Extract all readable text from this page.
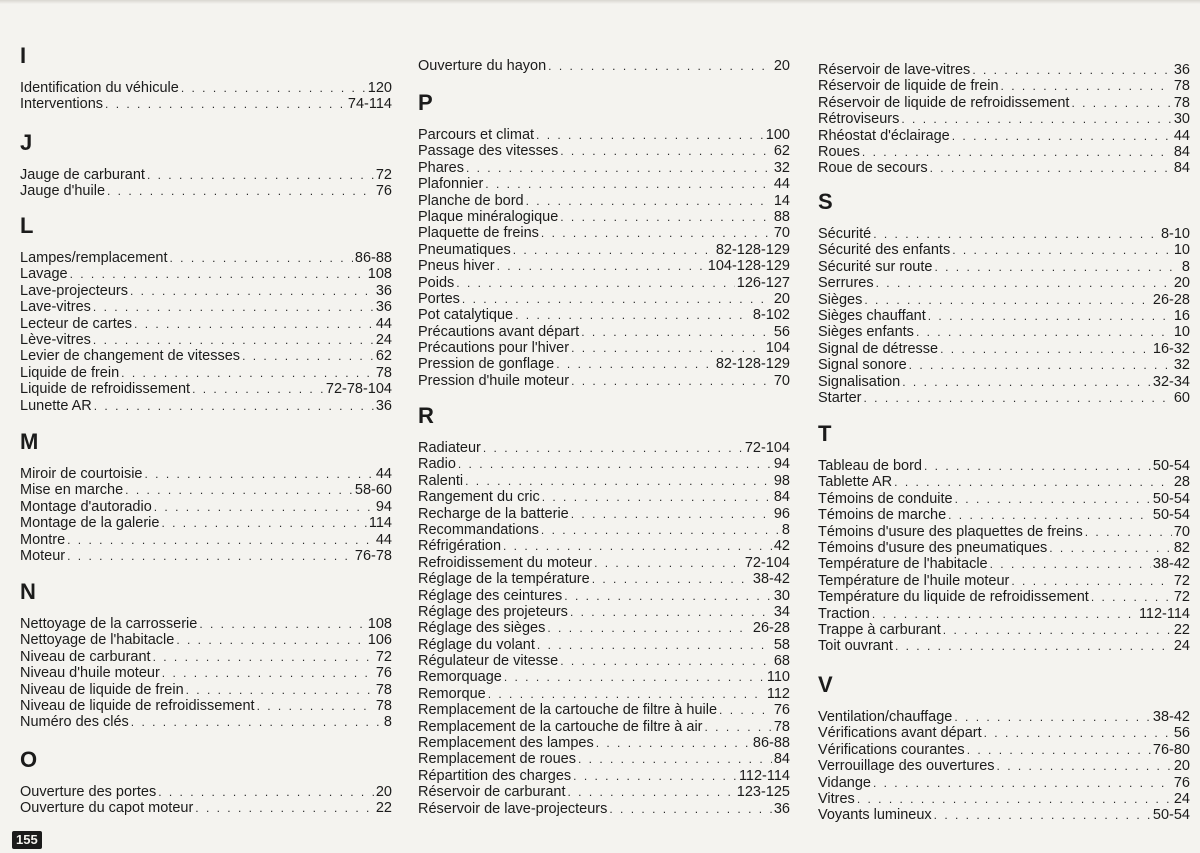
I
Identification du véhicule . . .	120
Interventions . . .	74-114
J
Jauge de carburant . . .	72
Jauge d'huile . . .	76
L
Lampes/remplacement . . .	86-88
Lavage . . .	108
Lave-projecteurs . . .	36
Lave-vitres . . .	36
Lecteur de cartes . . .	44
Lève-vitres . . .	24
Levier de changement de vitesses . . .	62
Liquide de frein . . .	78
Liquide de refroidissement . . .	72-78-104
Lunette AR . . .	36
M
Miroir de courtoisie . . .	44
Mise en marche . . .	58-60
Montage d'autoradio . . .	94
Montage de la galerie . . .	114
Montre . . .	44
Moteur . . .	76-78
N
Nettoyage de la carrosserie . . .	108
Nettoyage de l'habitacle . . .	106
Niveau de carburant . . .	72
Niveau d'huile moteur . . .	76
Niveau de liquide de frein . . .	78
Niveau de liquide de refroidissement . . .	78
Numéro des clés . . .	8
O
Ouverture des portes . . .	20
Ouverture du capot moteur . . .	22
Ouverture du hayon . . .	20
P
Parcours et climat . . .	100
Passage des vitesses . . .	62
Phares . . .	32
Plafonnier . . .	44
Planche de bord . . .	14
Plaque minéralogique . . .	88
Plaquette de freins . . .	70
Pneumatiques . . .	82-128-129
Pneus hiver . . .	104-128-129
Poids . . .	126-127
Portes . . .	20
Pot catalytique . . .	8-102
Précautions avant départ . . .	56
Précautions pour l'hiver . . .	104
Pression de gonflage . . .	82-128-129
Pression d'huile moteur . . .	70
R
Radiateur . . .	72-104
Radio . . .	94
Ralenti . . .	98
Rangement du cric . . .	84
Recharge de la batterie . . .	96
Recommandations . . .	8
Réfrigération . . .	42
Refroidissement du moteur . . .	72-104
Réglage de la température . . .	38-42
Réglage des ceintures . . .	30
Réglage des projeteurs . . .	34
Réglage des sièges . . .	26-28
Réglage du volant . . .	58
Régulateur de vitesse . . .	68
Remorquage . . .	110
Remorque . . .	112
Remplacement de la cartouche de filtre à huile . . .	76
Remplacement de la cartouche de filtre à air . . .	78
Remplacement des lampes . . .	86-88
Remplacement de roues . . .	84
Répartition des charges . . .	112-114
Réservoir de carburant . . .	123-125
Réservoir de lave-projecteurs . . .	36
Réservoir de lave-vitres . . .	36
Réservoir de liquide de frein . . .	78
Réservoir de liquide de refroidissement . . .	78
Rétroviseurs . . .	30
Rhéostat d'éclairage . . .	44
Roues . . .	84
Roue de secours . . .	84
S
Sécurité . . .	8-10
Sécurité des enfants . . .	10
Sécurité sur route . . .	8
Serrures . . .	20
Sièges . . .	26-28
Sièges chauffant . . .	16
Sièges enfants . . .	10
Signal de détresse . . .	16-32
Signal sonore . . .	32
Signalisation . . .	32-34
Starter . . .	60
T
Tableau de bord . . .	50-54
Tablette AR . . .	28
Témoins de conduite . . .	50-54
Témoins de marche . . .	50-54
Témoins d'usure des plaquettes de freins . . .	70
Témoins d'usure des pneumatiques . . .	82
Température de l'habitacle . . .	38-42
Température de l'huile moteur . . .	72
Température du liquide de refroidissement . . .	72
Traction . . .	112-114
Trappe à carburant . . .	22
Toit ouvrant . . .	24
V
Ventilation/chauffage . . .	38-42
Vérifications avant départ . . .	56
Vérifications courantes . . .	76-80
Verrouillage des ouvertures . . .	20
Vidange . . .	76
Vitres . . .	24
Voyants lumineux . . .	50-54
155
